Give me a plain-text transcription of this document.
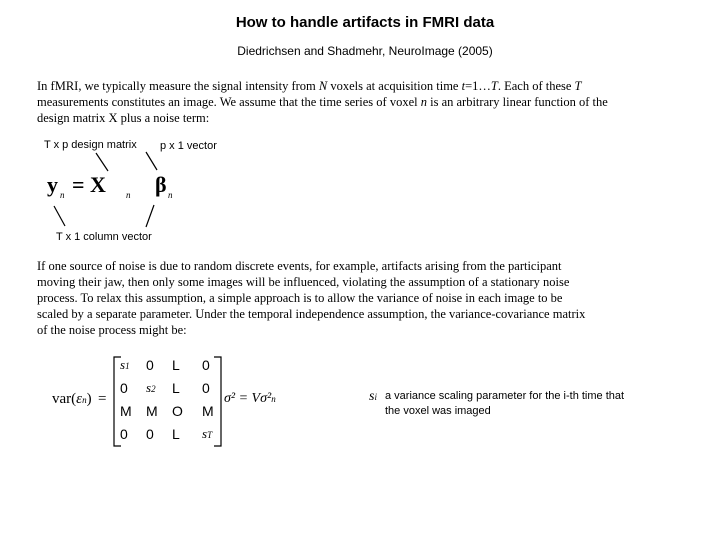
How to handle artifacts in FMRI data
Diedrichsen and Shadmehr, NeuroImage (2005)

In fMRI, we typically measure the signal intensity from N voxels at acquisition time t=1…T. Each of these T

measurements constitutes an image. We assume that the time series of voxel n is an arbitrary linear function of the

design matrix X plus a noise term:

T x p design matrix	p x 1 vector
y n = X n β n
T x 1 column vector

If one source of noise is due to random discrete events, for example, artifacts arising from the participant

moving their jaw, then only some images will be influenced, violating the assumption of a stationary noise

process. To relax this assumption, a simple approach is to allow the variance of noise in each image to be

scaled by a separate parameter. Under the temporal independence assumption, the variance-covariance matrix

of the noise process might be:

var(εn) =
s1 0 L 0
0 s2 L 0
M M O M
0 0 L sT
σ² = Vσ²n	si a variance scaling parameter for the i-th time that
the voxel was imaged
